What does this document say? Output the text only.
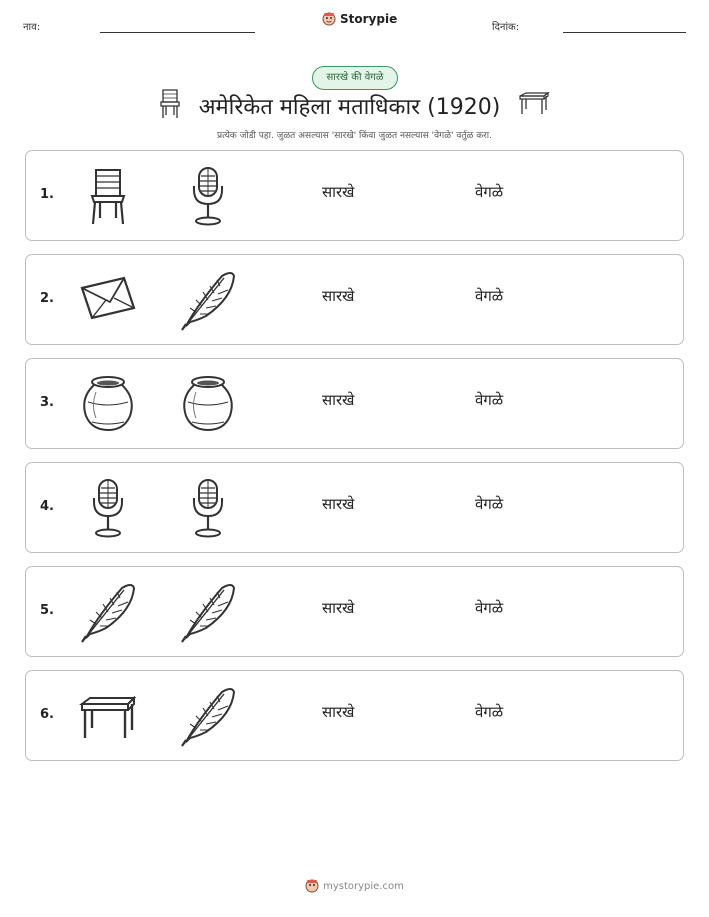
नाव:
Storypie
दिनांक:
सारखे की वेगळे
अमेरिकेत महिला मताधिकार (1920)
प्रत्येक जोडी पहा. जुळत असल्यास 'सारखे' किंवा जुळत नसल्यास 'वेगळे' वर्तुळ करा.
1.	सारखे	वेगळे
2.	सारखे	वेगळे
3.	सारखे	वेगळे
4.	सारखे	वेगळे
5.	सारखे	वेगळे
6.	सारखे	वेगळे
mystorypie.com
